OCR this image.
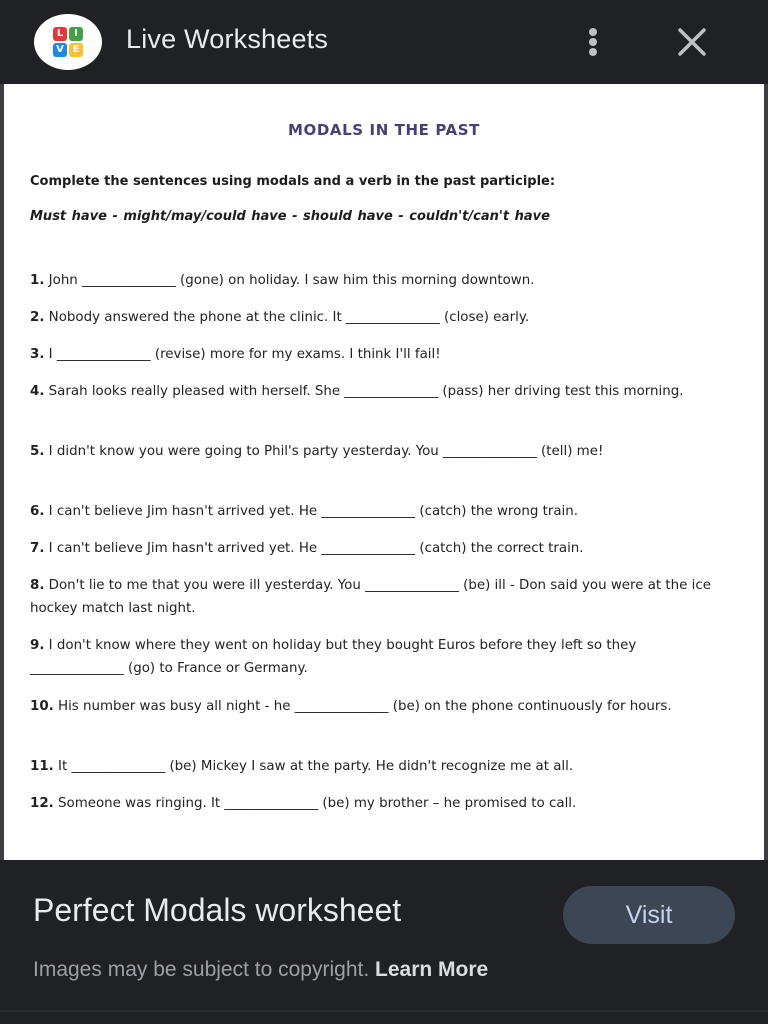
L	I
V E Live Worksheets
MODALS IN THE PAST
Complete the sentences using modals and a verb in the past participle:
Must have - might/may/could have - should have - couldn't/can't have
1. John ______________ (gone) on holiday. I saw him this morning downtown.
2. Nobody answered the phone at the clinic. It ______________ (close) early.
3. I ______________ (revise) more for my exams. I think I'll fail!
4. Sarah looks really pleased with herself. She ______________ (pass) her driving test this morning.
5. I didn't know you were going to Phil's party yesterday. You ______________ (tell) me!
6. I can't believe Jim hasn't arrived yet. He ______________ (catch) the wrong train.
7. I can't believe Jim hasn't arrived yet. He ______________ (catch) the correct train.
8. Don't lie to me that you were ill yesterday. You ______________ (be) ill - Don said you were at the ice hockey match last night.
9. I don't know where they went on holiday but they bought Euros before they left so they ______________ (go) to France or Germany.
10. His number was busy all night - he ______________ (be) on the phone continuously for hours.
11. It ______________ (be) Mickey I saw at the party. He didn't recognize me at all.
12. Someone was ringing. It ______________ (be) my brother – he promised to call.
Perfect Modals worksheet	Visit
Images may be subject to copyright. Learn More
